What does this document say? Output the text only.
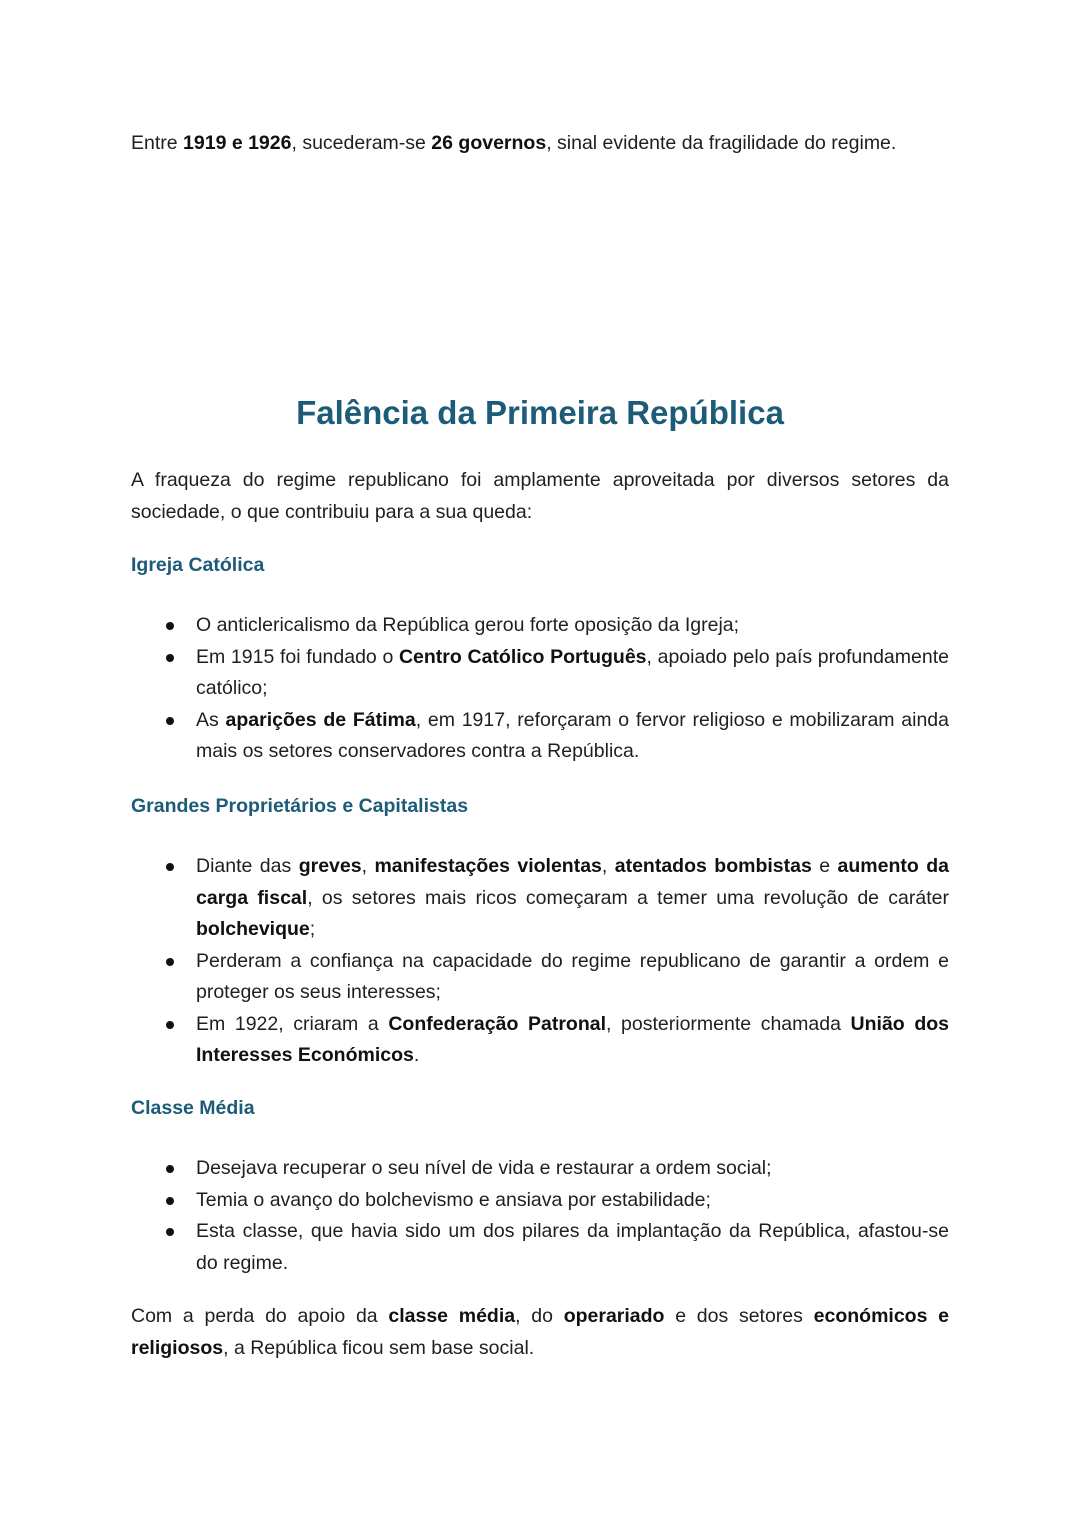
Entre 1919 e 1926, sucederam-se 26 governos, sinal evidente da fragilidade do regime.

Falência da Primeira República

A fraqueza do regime republicano foi amplamente aproveitada por diversos setores da sociedade, o que contribuiu para a sua queda:

Igreja Católica
O anticlericalismo da República gerou forte oposição da Igreja;
Em 1915 foi fundado o Centro Católico Português, apoiado pelo país profundamente católico;
As aparições de Fátima, em 1917, reforçaram o fervor religioso e mobilizaram ainda mais os setores conservadores contra a República.
Grandes Proprietários e Capitalistas
Diante das greves, manifestações violentas, atentados bombistas e aumento da carga fiscal, os setores mais ricos começaram a temer uma revolução de caráter bolchevique;
Perderam a confiança na capacidade do regime republicano de garantir a ordem e proteger os seus interesses;
Em 1922, criaram a Confederação Patronal, posteriormente chamada União dos Interesses Económicos.
Classe Média
Desejava recuperar o seu nível de vida e restaurar a ordem social;
Temia o avanço do bolchevismo e ansiava por estabilidade;
Esta classe, que havia sido um dos pilares da implantação da República, afastou-se do regime.

Com a perda do apoio da classe média, do operariado e dos setores económicos e religiosos, a República ficou sem base social.
